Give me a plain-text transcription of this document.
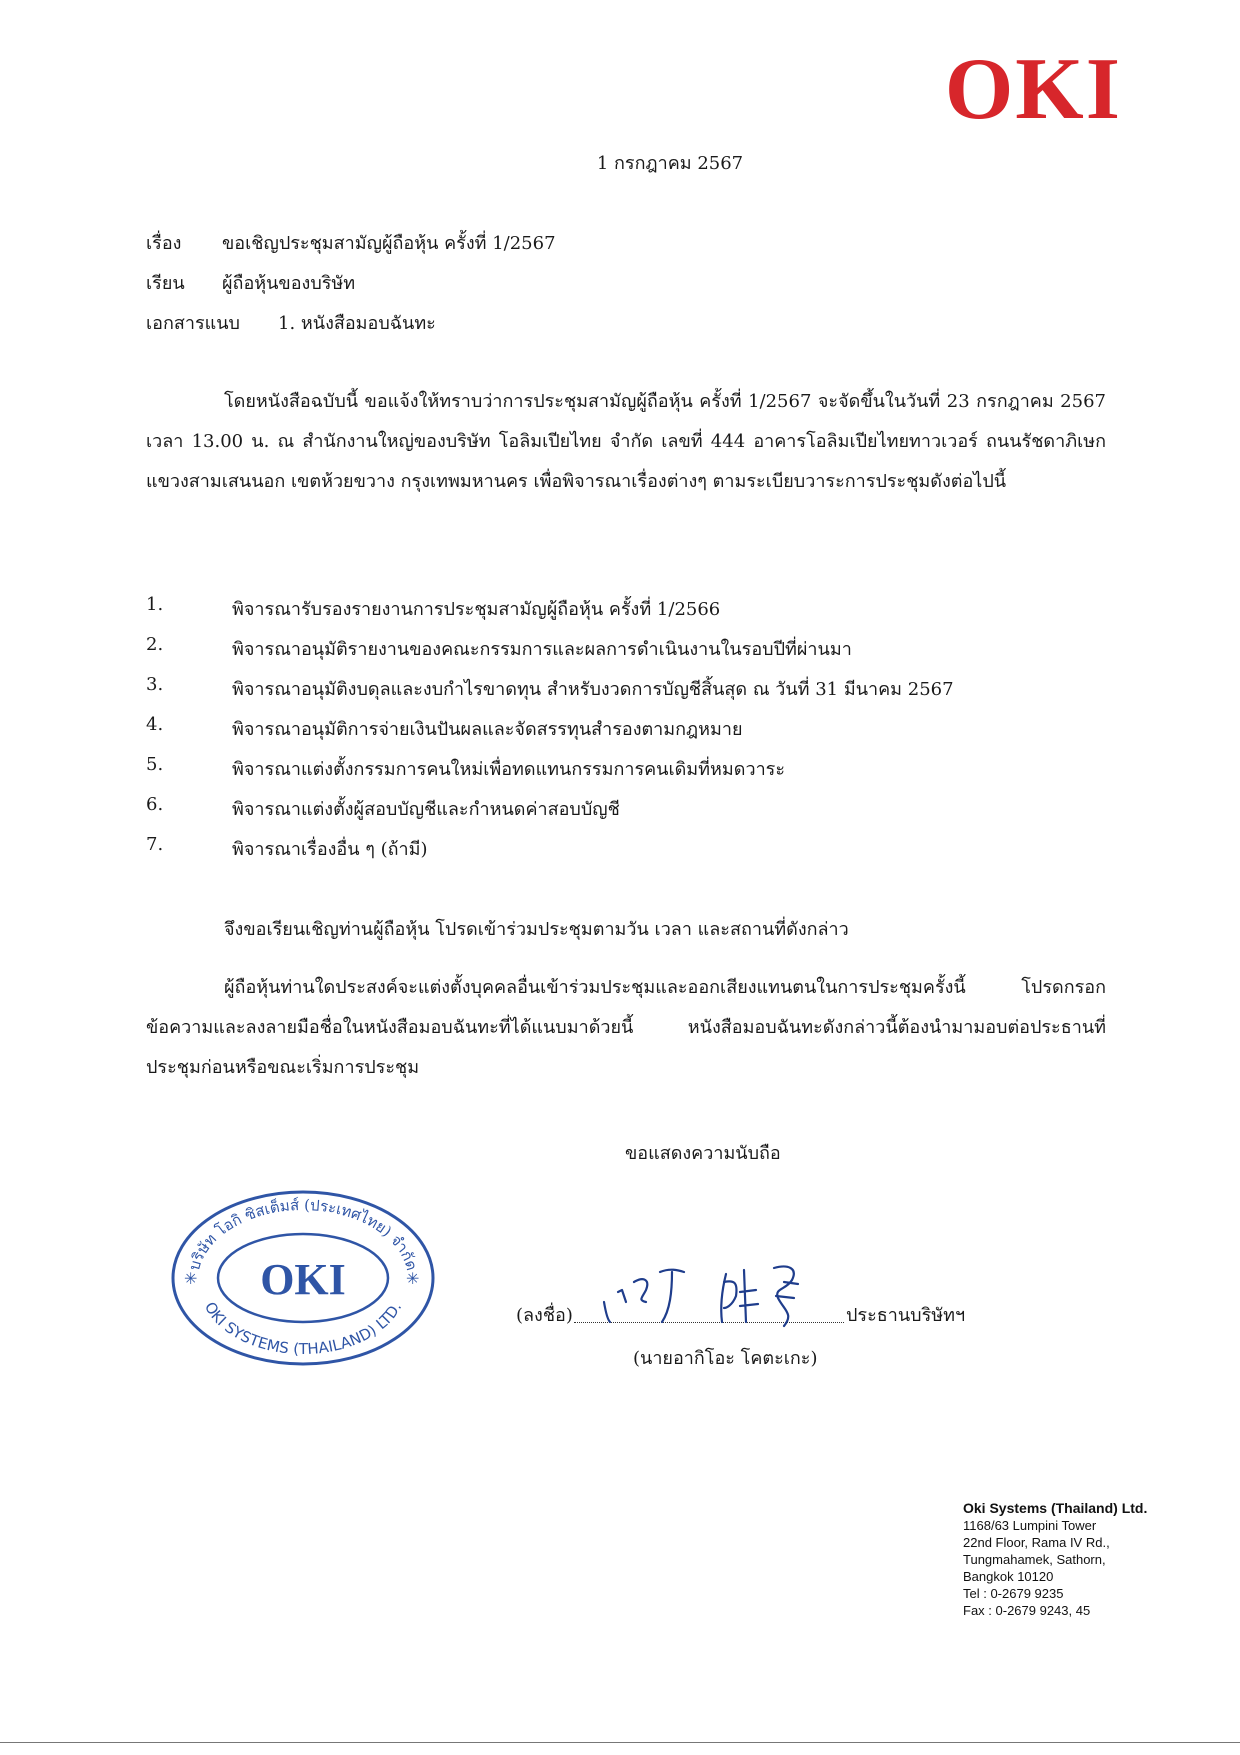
OKI
1 กรกฎาคม 2567
เรื่อง ขอเชิญประชุมสามัญผู้ถือหุ้น ครั้งที่ 1/2567
เรียน ผู้ถือหุ้นของบริษัท
เอกสารแนบ 1. หนังสือมอบฉันทะ
โดยหนังสือฉบับนี้ ขอแจ้งให้ทราบว่าการประชุมสามัญผู้ถือหุ้น ครั้งที่ 1/2567 จะจัดขึ้นในวันที่ 23 กรกฎาคม 2567 เวลา 13.00 น. ณ สำนักงานใหญ่ของบริษัท โอลิมเปียไทย จำกัด เลขที่ 444 อาคารโอลิมเปียไทยทาวเวอร์ ถนนรัชดาภิเษก แขวงสามเสนนอก เขตห้วยขวาง กรุงเทพมหานคร เพื่อพิจารณาเรื่องต่างๆ ตามระเบียบวาระการประชุมดังต่อไปนี้
1.	พิจารณารับรองรายงานการประชุมสามัญผู้ถือหุ้น ครั้งที่ 1/2566
2.	พิจารณาอนุมัติรายงานของคณะกรรมการและผลการดำเนินงานในรอบปีที่ผ่านมา
3.	พิจารณาอนุมัติงบดุลและงบกำไรขาดทุน สำหรับงวดการบัญชีสิ้นสุด ณ วันที่ 31 มีนาคม 2567
4.	พิจารณาอนุมัติการจ่ายเงินปันผลและจัดสรรทุนสำรองตามกฎหมาย
5.	พิจารณาแต่งตั้งกรรมการคนใหม่เพื่อทดแทนกรรมการคนเดิมที่หมดวาระ
6.	พิจารณาแต่งตั้งผู้สอบบัญชีและกำหนดค่าสอบบัญชี
7.	พิจารณาเรื่องอื่น ๆ (ถ้ามี)
จึงขอเรียนเชิญท่านผู้ถือหุ้น โปรดเข้าร่วมประชุมตามวัน เวลา และสถานที่ดังกล่าว
ผู้ถือหุ้นท่านใดประสงค์จะแต่งตั้งบุคคลอื่นเข้าร่วมประชุมและออกเสียงแทนตนในการประชุมครั้งนี้ โปรดกรอกข้อความและลงลายมือชื่อในหนังสือมอบฉันทะที่ได้แนบมาด้วยนี้ หนังสือมอบฉันทะดังกล่าวนี้ต้องนำมามอบต่อประธานที่ประชุมก่อนหรือขณะเริ่มการประชุม
ขอแสดงความนับถือ
บริษัท โอกิ ซิสเต็มส์ (ประเทศไทย) จำกัด
OKI
OKI SYSTEMS (THAILAND) LTD.
✳	✳
(ลงชื่อ)	ประธานบริษัทฯ
(นายอากิโอะ โคตะเกะ)
Oki Systems (Thailand) Ltd.
1168/63 Lumpini Tower
22nd Floor, Rama IV Rd.,
Tungmahamek, Sathorn,
Bangkok 10120
Tel : 0-2679 9235
Fax : 0-2679 9243, 45
